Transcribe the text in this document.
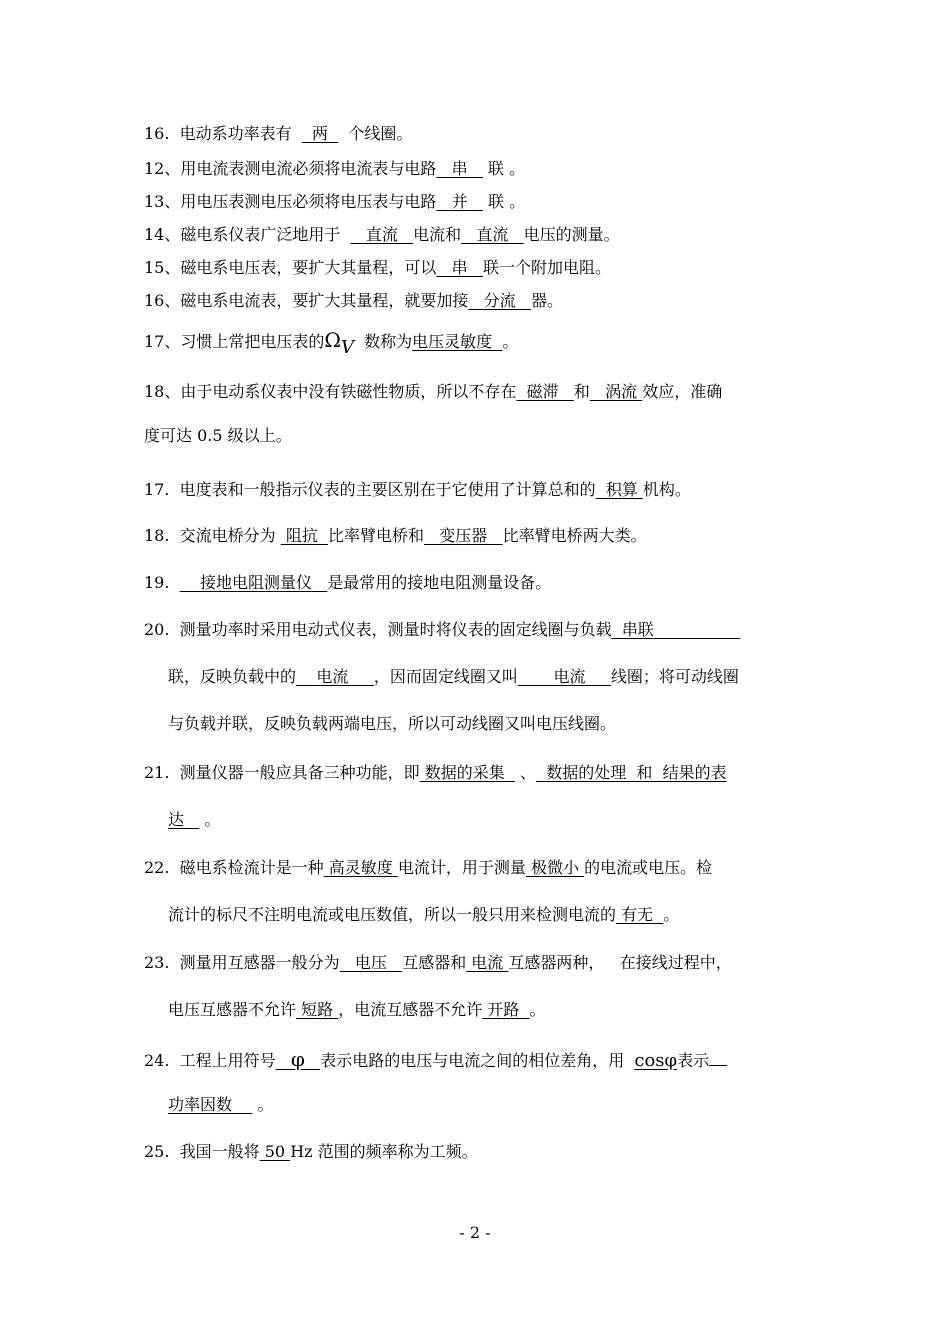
16. 电动系功率表有 两 个线圈。
12、用电流表测电流必须将电流表与电路 串 联 。
13、用电压表测电压必须将电压表与电路 并 联 。
14、磁电系仪表广泛地用于 直流 电流和 直流 电压的测量。
15、磁电系电压表，要扩大其量程，可以 串 联一个附加电阻。
16、磁电系电流表，要扩大其量程，就要加接 分流 器。
17、习惯上常把电压表的ΩV 数称为电压灵敏度 。
18、由于电动系仪表中没有铁磁性物质，所以不存在 磁滞 和 涡流 效应，准确
度可达 0.5 级以上。
17. 电度表和一般指示仪表的主要区别在于它使用了计算总和的 积算 机构。
18. 交流电桥分为 阻抗 比率臂电桥和 变压器 比率臂电桥两大类。
19. 接地电阻测量仪 是最常用的接地电阻测量设备。
20. 测量功率时采用电动式仪表，测量时将仪表的固定线圈与负载 串联
联，反映负载中的 电流 ，因而固定线圈又叫 电流 线圈；将可动线圈
与负载并联，反映负载两端电压，所以可动线圈又叫电压线圈。
21. 测量仪器一般应具备三种功能，即 数据的采集 、 数据的处理 和 结果的表
达 。
22. 磁电系检流计是一种 高灵敏度 电流计，用于测量 极微小 的电流或电压。检
流计的标尺不注明电流或电压数值，所以一般只用来检测电流的 有无 。
23. 测量用互感器一般分为 电压 互感器和 电流 互感器两种， 在接线过程中，
电压互感器不允许 短路 ，电流互感器不允许 开路 。
24. 工程上用符号 φ 表示电路的电压与电流之间的相位差角，用 cosφ表示
功率因数 。
25. 我国一般将 50 Hz 范围的频率称为工频。
- 2 -
